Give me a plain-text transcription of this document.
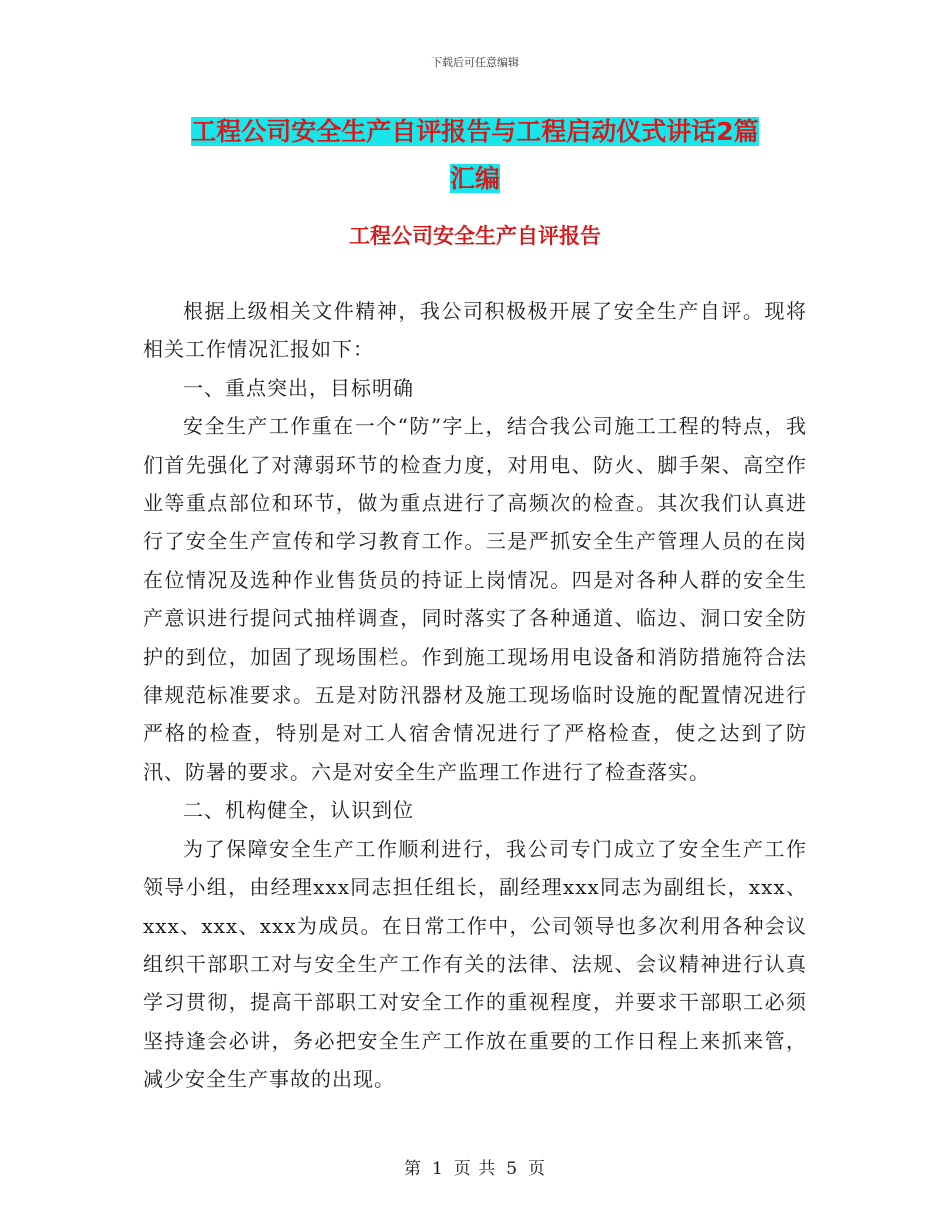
下载后可任意编辑
工程公司安全生产自评报告与工程启动仪式讲话2篇
汇编
工程公司安全生产自评报告

根据上级相关文件精神，我公司积极极开展了安全生产自评。现将相关工作情况汇报如下：

一、重点突出，目标明确

安全生产工作重在一个“防”字上，结合我公司施工工程的特点，我们首先强化了对薄弱环节的检查力度，对用电、防火、脚手架、高空作业等重点部位和环节，做为重点进行了高频次的检查。其次我们认真进行了安全生产宣传和学习教育工作。三是严抓安全生产管理人员的在岗在位情况及选种作业售货员的持证上岗情况。四是对各种人群的安全生产意识进行提问式抽样调查，同时落实了各种通道、临边、洞口安全防护的到位，加固了现场围栏。作到施工现场用电设备和消防措施符合法律规范标准要求。五是对防汛器材及施工现场临时设施的配置情况进行严格的检查，特别是对工人宿舍情况进行了严格检查，使之达到了防汛、防暑的要求。六是对安全生产监理工作进行了检查落实。

二、机构健全，认识到位

为了保障安全生产工作顺利进行，我公司专门成立了安全生产工作领导小组，由经理xxx同志担任组长，副经理xxx同志为副组长，xxx、xxx、xxx、xxx为成员。在日常工作中，公司领导也多次利用各种会议组织干部职工对与安全生产工作有关的法律、法规、会议精神进行认真学习贯彻，提高干部职工对安全工作的重视程度，并要求干部职工必须坚持逢会必讲，务必把安全生产工作放在重要的工作日程上来抓来管，减少安全生产事故的出现。

第 1 页 共 5 页
